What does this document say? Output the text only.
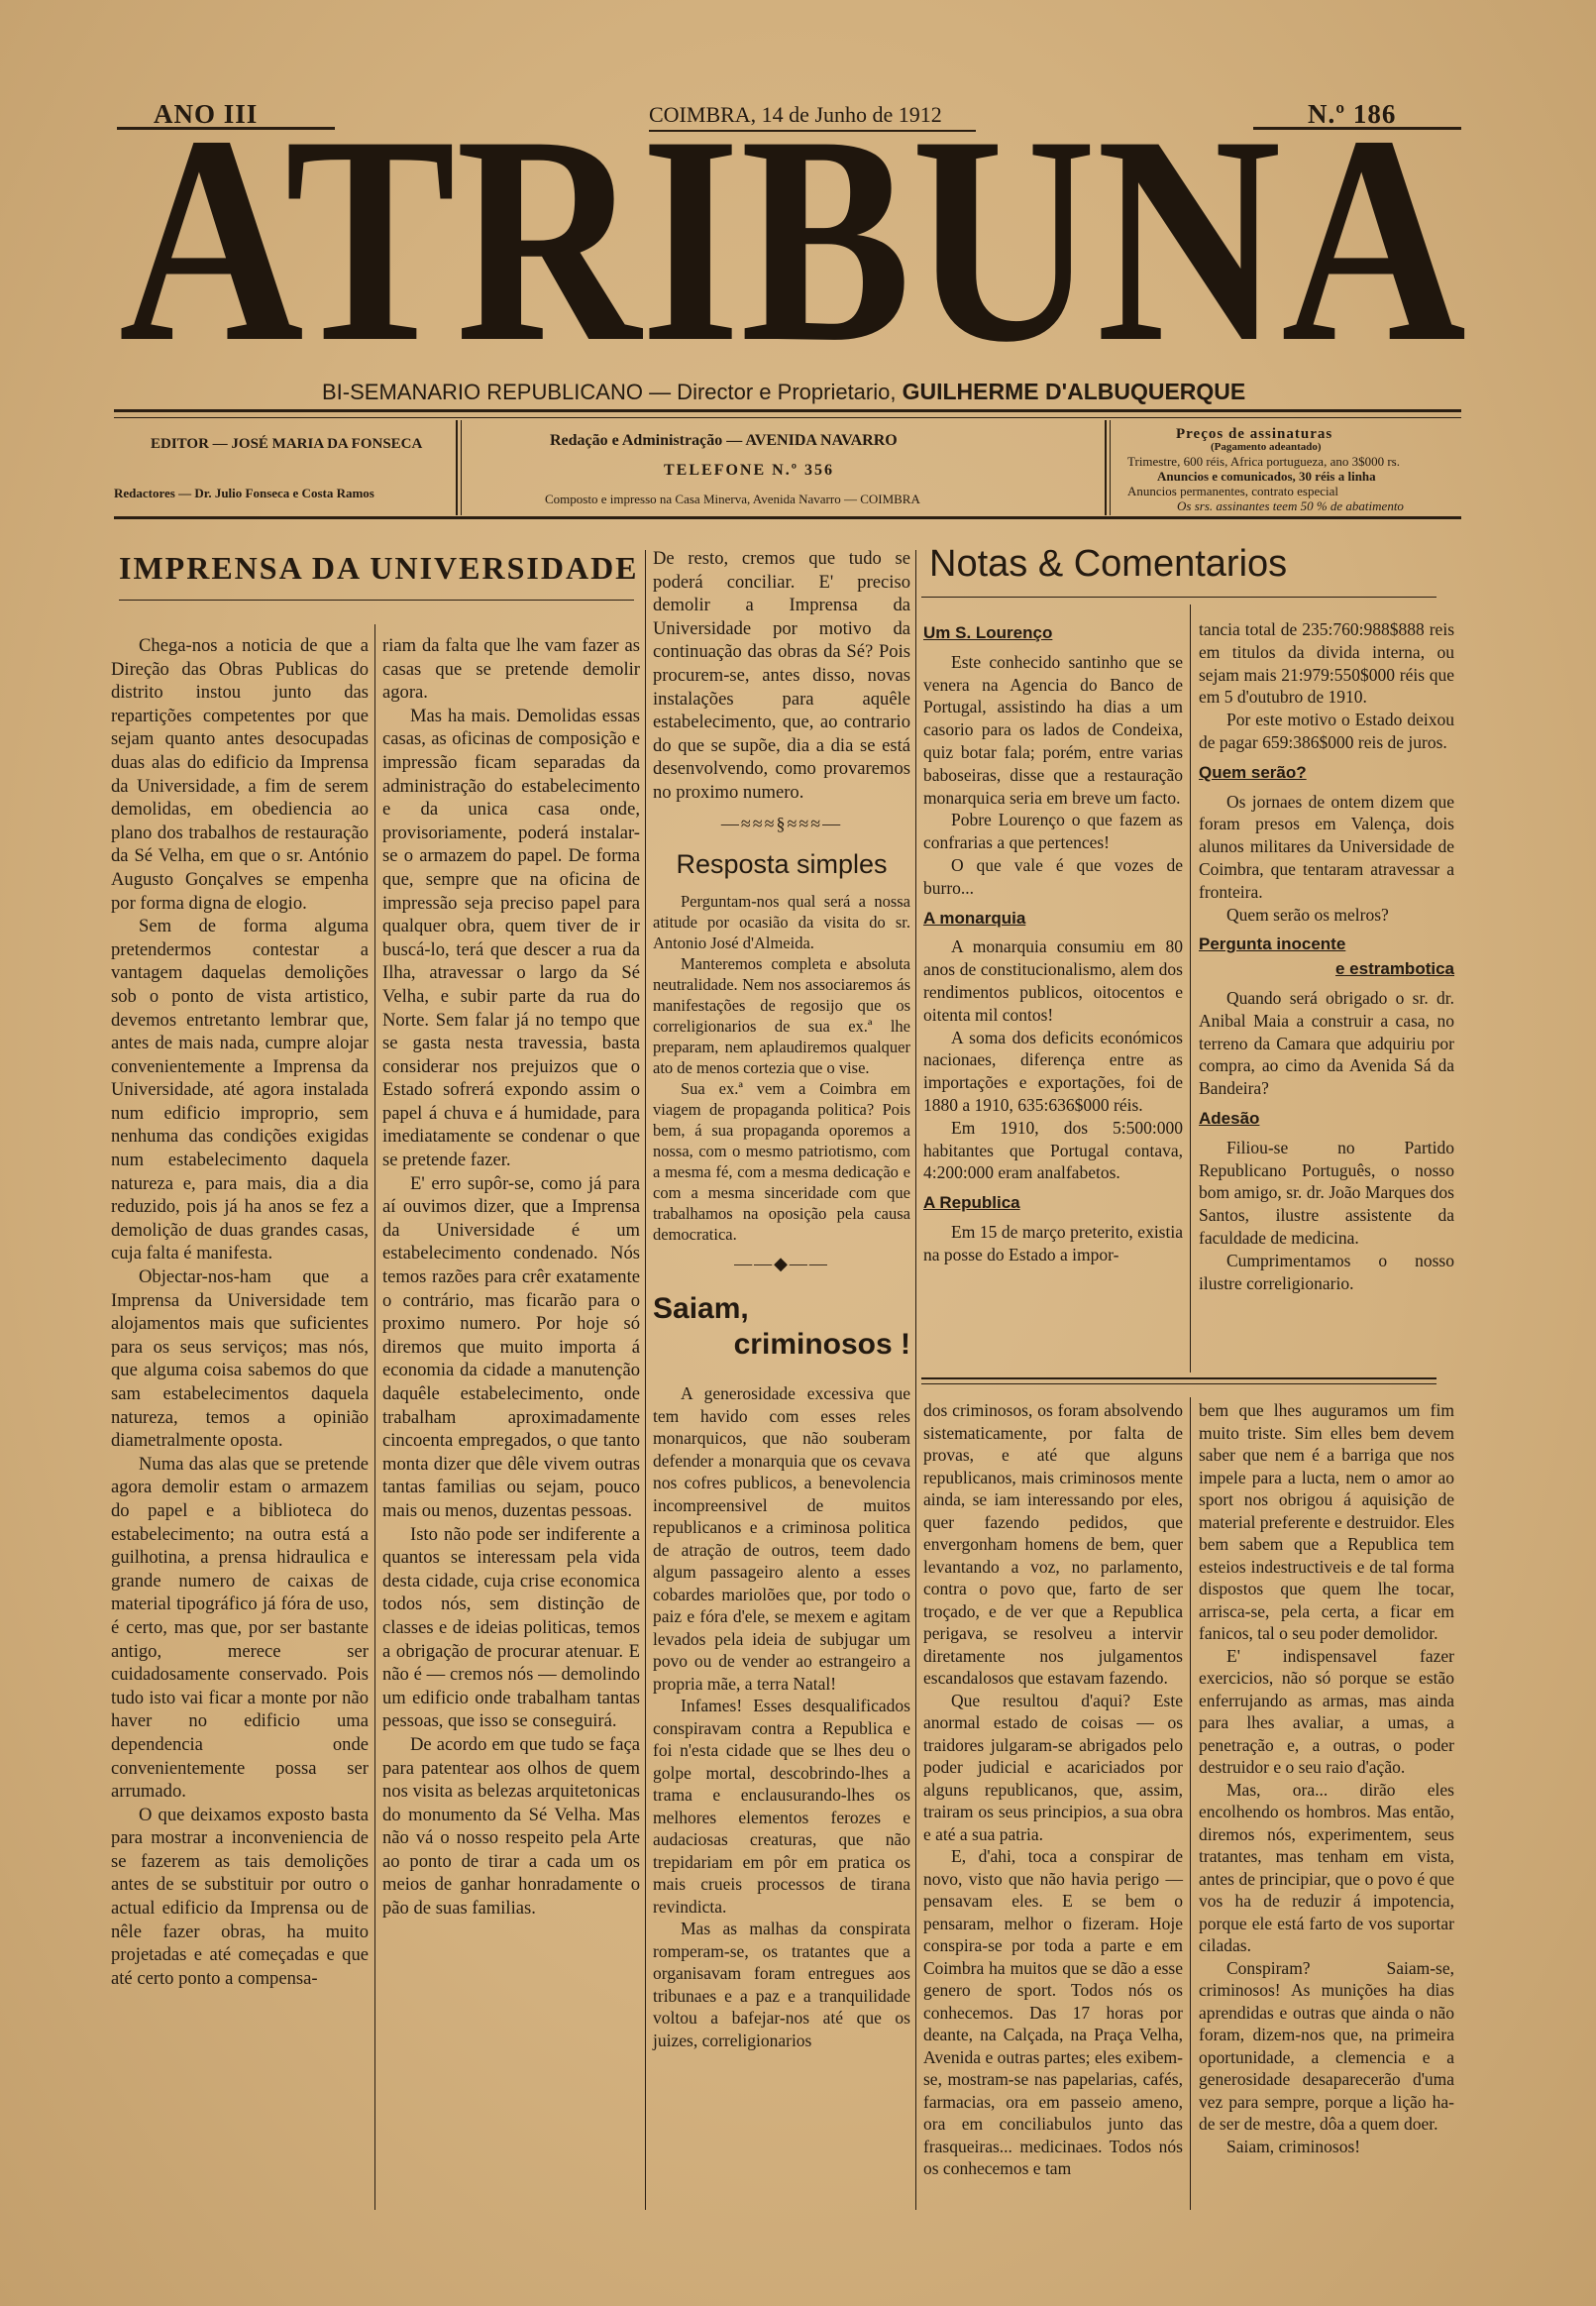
ANO III	COIMBRA, 14 de Junho de 1912	N.º 186
ATRIBUNA
BI-SEMANARIO REPUBLICANO — Director e Proprietario, GUILHERME D'ALBUQUERQUE
EDITOR — JOSÉ MARIA DA FONSECA
Redactores — Dr. Julio Fonseca e Costa Ramos
Redação e Administração — AVENIDA NAVARRO
TELEFONE N.º 356
Composto e impresso na Casa Minerva, Avenida Navarro — COIMBRA
Preços de assinaturas
(Pagamento adeantado)
Trimestre, 600 réis, Africa portugueza, ano 3$000 rs.
Anuncios e comunicados, 30 réis a linha
Anuncios permanentes, contrato especial
Os srs. assinantes teem 50 % de abatimento
IMPRENSA DA UNIVERSIDADE

Chega-nos a noticia de que a Direção das Obras Publicas do distrito instou junto das repartições competentes por que sejam quanto antes desocupadas duas alas do edificio da Imprensa da Universidade, a fim de serem demolidas, em obediencia ao plano dos trabalhos de restauração da Sé Velha, em que o sr. António Augusto Gonçalves se empenha por forma digna de elogio.

Sem de forma alguma pretendermos contestar a vantagem daquelas demolições sob o ponto de vista artistico, devemos entretanto lembrar que, antes de mais nada, cumpre alojar convenientemente a Imprensa da Universidade, até agora instalada num edificio improprio, sem nenhuma das condições exigidas num estabelecimento daquela natureza e, para mais, dia a dia reduzido, pois já ha anos se fez a demolição de duas grandes casas, cuja falta é manifesta.

Objectar-nos-ham que a Imprensa da Universidade tem alojamentos mais que suficientes para os seus serviços; mas nós, que alguma coisa sabemos do que sam estabelecimentos daquela natureza, temos a opinião diametralmente oposta.

Numa das alas que se pretende agora demolir estam o armazem do papel e a biblioteca do estabelecimento; na outra está a guilhotina, a prensa hidraulica e grande numero de caixas de material tipográfico já fóra de uso, é certo, mas que, por ser bastante antigo, merece ser cuidadosamente conservado. Pois tudo isto vai ficar a monte por não haver no edificio uma dependencia onde convenientemente possa ser arrumado.

O que deixamos exposto basta para mostrar a inconveniencia de se fazerem as tais demolições antes de se substituir por outro o actual edificio da Imprensa ou de nêle fazer obras, ha muito projetadas e até começadas e que até certo ponto a compensa-

riam da falta que lhe vam fazer as casas que se pretende demolir agora.

Mas ha mais. Demolidas essas casas, as oficinas de composição e impressão ficam separadas da administração do estabelecimento e da unica casa onde, provisoriamente, poderá instalar-se o armazem do papel. De forma que, sempre que na oficina de impressão seja preciso papel para qualquer obra, quem tiver de ir buscá-lo, terá que descer a rua da Ilha, atravessar o largo da Sé Velha, e subir parte da rua do Norte. Sem falar já no tempo que se gasta nesta travessia, basta considerar nos prejuizos que o Estado sofrerá expondo assim o papel á chuva e á humidade, para imediatamente se condenar o que se pretende fazer.

E' erro supôr-se, como já para aí ouvimos dizer, que a Imprensa da Universidade é um estabelecimento condenado. Nós temos razões para crêr exatamente o contrário, mas ficarão para o proximo numero. Por hoje só diremos que muito importa á economia da cidade a manutenção daquêle estabelecimento, onde trabalham aproximadamente cincoenta empregados, o que tanto monta dizer que dêle vivem outras tantas familias ou sejam, pouco mais ou menos, duzentas pessoas.

Isto não pode ser indiferente a quantos se interessam pela vida desta cidade, cuja crise economica todos nós, sem distinção de classes e de ideias politicas, temos a obrigação de procurar atenuar. E não é — cremos nós — demolindo um edificio onde trabalham tantas pessoas, que isso se conseguirá.

De acordo em que tudo se faça para patentear aos olhos de quem nos visita as belezas arquitetonicas do monumento da Sé Velha. Mas não vá o nosso respeito pela Arte ao ponto de tirar a cada um os meios de ganhar honradamente o pão de suas familias.

De resto, cremos que tudo se poderá conciliar. E' preciso demolir a Imprensa da Universidade por motivo da continuação das obras da Sé? Pois procurem-se, antes disso, novas instalações para aquêle estabelecimento, que, ao contrario do que se supõe, dia a dia se está desenvolvendo, como provaremos no proximo numero.

—≈≈≈§≈≈≈—
Resposta simples

Perguntam-nos qual será a nossa atitude por ocasião da visita do sr. Antonio José d'Almeida.

Manteremos completa e absoluta neutralidade. Nem nos associaremos ás manifestações de regosijo que os correligionarios de sua ex.ª lhe preparam, nem aplaudiremos qualquer ato de menos cortezia que o vise.

Sua ex.ª vem a Coimbra em viagem de propaganda politica? Pois bem, á sua propaganda oporemos a nossa, com o mesmo patriotismo, com a mesma fé, com a mesma dedicação e com a mesma sinceridade com que trabalhamos na oposição pela causa democratica.

——◆——
Saiam,
criminosos !

A generosidade excessiva que tem havido com esses reles monarquicos, que não souberam defender a monarquia que os cevava nos cofres publicos, a benevolencia incompreensivel de muitos republicanos e a criminosa politica de atração de outros, teem dado algum passageiro alento a esses cobardes mariolões que, por todo o paiz e fóra d'ele, se mexem e agitam levados pela ideia de subjugar um povo ou de vender ao estrangeiro a propria mãe, a terra Natal!

Infames! Esses desqualificados conspiravam contra a Republica e foi n'esta cidade que se lhes deu o golpe mortal, descobrindo-lhes a trama e enclausurando-lhes os melhores elementos ferozes e audaciosas creaturas, que não trepidariam em pôr em pratica os mais crueis processos de tirana revindicta.

Mas as malhas da conspirata romperam-se, os tratantes que a organisavam foram entregues aos tribunaes e a paz e a tranquilidade voltou a bafejar-nos até que os juizes, correligionarios

Notas & Comentarios
Um S. Lourenço

Este conhecido santinho que se venera na Agencia do Banco de Portugal, assistindo ha dias a um casorio para os lados de Condeixa, quiz botar fala; porém, entre varias baboseiras, disse que a restauração monarquica seria em breve um facto.

Pobre Lourenço o que fazem as confrarias a que pertences!

O que vale é que vozes de burro...

A monarquia

A monarquia consumiu em 80 anos de constitucionalismo, alem dos rendimentos publicos, oitocentos e oitenta mil contos!

A soma dos deficits económicos nacionaes, diferença entre as importações e exportações, foi de 1880 a 1910, 635:636$000 réis.

Em 1910, dos 5:500:000 habitantes que Portugal contava, 4:200:000 eram analfabetos.

A Republica

Em 15 de março preterito, existia na posse do Estado a impor-

tancia total de 235:760:988$888 reis em titulos da divida interna, ou sejam mais 21:979:550$000 réis que em 5 d'outubro de 1910.

Por este motivo o Estado deixou de pagar 659:386$000 reis de juros.

Quem serão?

Os jornaes de ontem dizem que foram presos em Valença, dois alunos militares da Universidade de Coimbra, que tentaram atravessar a fronteira.

Quem serão os melros?

Pergunta inocente
e estrambotica

Quando será obrigado o sr. dr. Anibal Maia a construir a casa, no terreno da Camara que adquiriu por compra, ao cimo da Avenida Sá da Bandeira?

Adesão

Filiou-se no Partido Republicano Português, o nosso bom amigo, sr. dr. João Marques dos Santos, ilustre assistente da faculdade de medicina.

Cumprimentamos o nosso ilustre correligionario.

dos criminosos, os foram absolvendo sistematicamente, por falta de provas, e até que alguns republicanos, mais criminosos mente ainda, se iam interessando por eles, quer fazendo pedidos, que envergonham homens de bem, quer levantando a voz, no parlamento, contra o povo que, farto de ser troçado, e de ver que a Republica perigava, se resolveu a intervir diretamente nos julgamentos escandalosos que estavam fazendo.

Que resultou d'aqui? Este anormal estado de coisas — os traidores julgaram-se abrigados pelo poder judicial e acariciados por alguns republicanos, que, assim, trairam os seus principios, a sua obra e até a sua patria.

E, d'ahi, toca a conspirar de novo, visto que não havia perigo — pensavam eles. E se bem o pensaram, melhor o fizeram. Hoje conspira-se por toda a parte e em Coimbra ha muitos que se dão a esse genero de sport. Todos nós os conhecemos. Das 17 horas por deante, na Calçada, na Praça Velha, Avenida e outras partes; eles exibem-se, mostram-se nas papelarias, cafés, farmacias, ora em passeio ameno, ora em conciliabulos junto das frasqueiras... medicinaes. Todos nós os conhecemos e tam

bem que lhes auguramos um fim muito triste. Sim elles bem devem saber que nem é a barriga que nos impele para a lucta, nem o amor ao sport nos obrigou á aquisição de material preferente e destruidor. Eles bem sabem que a Republica tem esteios indestructiveis e de tal forma dispostos que quem lhe tocar, arrisca-se, pela certa, a ficar em fanicos, tal o seu poder demolidor.

E' indispensavel fazer exercicios, não só porque se estão enferrujando as armas, mas ainda para lhes avaliar, a umas, a penetração e, a outras, o poder destruidor e o seu raio d'ação.

Mas, ora... dirão eles encolhendo os hombros. Mas então, diremos nós, experimentem, seus tratantes, mas tenham em vista, antes de principiar, que o povo é que vos ha de reduzir á impotencia, porque ele está farto de vos suportar ciladas.

Conspiram? Saiam-se, criminosos! As munições ha dias aprendidas e outras que ainda o não foram, dizem-nos que, na primeira oportunidade, a clemencia e a generosidade desaparecerão d'uma vez para sempre, porque a lição ha-de ser de mestre, dôa a quem doer.

Saiam, criminosos!
